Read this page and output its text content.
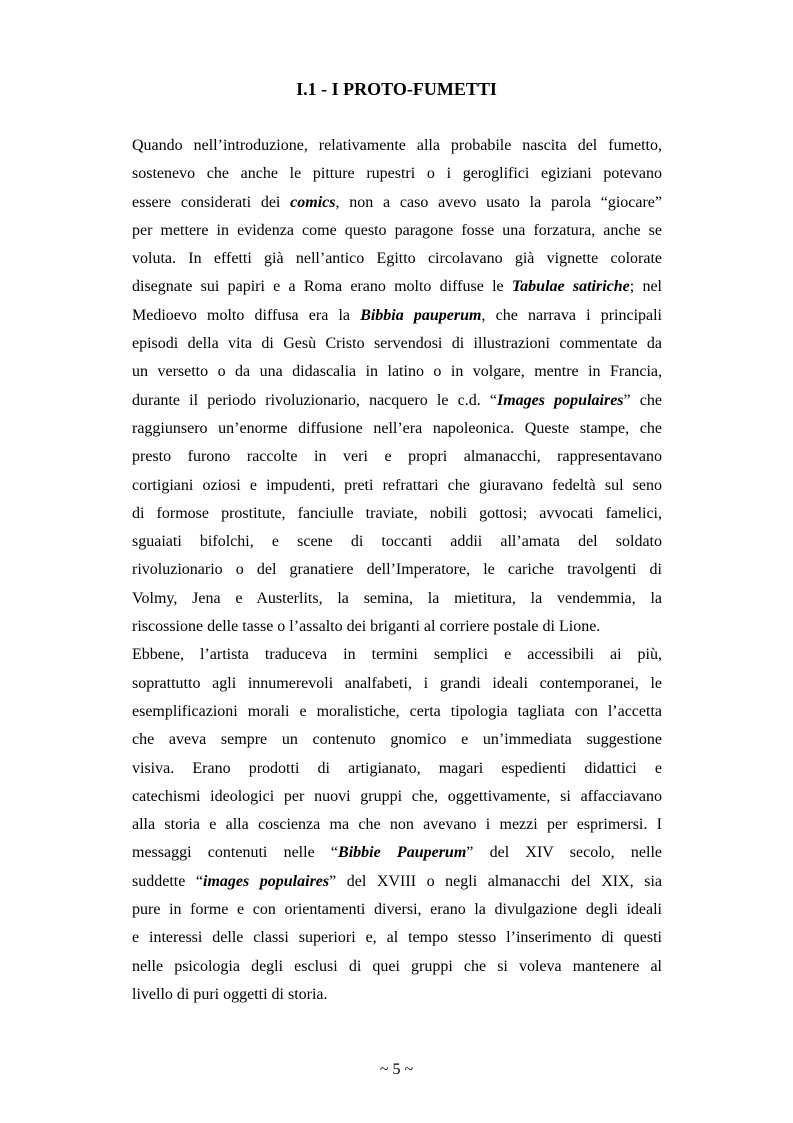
I.1 - I PROTO-FUMETTI
Quando nell’introduzione, relativamente alla probabile nascita del fumetto,
sostenevo che anche le pitture rupestri o i geroglifici egiziani potevano
essere considerati dei comics, non a caso avevo usato la parola “giocare”
per mettere in evidenza come questo paragone fosse una forzatura, anche se
voluta. In effetti già nell’antico Egitto circolavano già vignette colorate
disegnate sui papiri e a Roma erano molto diffuse le Tabulae satiriche; nel
Medioevo molto diffusa era la Bibbia pauperum, che narrava i principali
episodi della vita di Gesù Cristo servendosi di illustrazioni commentate da
un versetto o da una didascalia in latino o in volgare, mentre in Francia,
durante il periodo rivoluzionario, nacquero le c.d. “Images populaires” che
raggiunsero un’enorme diffusione nell’era napoleonica. Queste stampe, che
presto furono raccolte in veri e propri almanacchi, rappresentavano
cortigiani oziosi e impudenti, preti refrattari che giuravano fedeltà sul seno
di formose prostitute, fanciulle traviate, nobili gottosi; avvocati famelici,
sguaiati bifolchi, e scene di toccanti addii all’amata del soldato
rivoluzionario o del granatiere dell’Imperatore, le cariche travolgenti di
Volmy, Jena e Austerlits, la semina, la mietitura, la vendemmia, la
riscossione delle tasse o l’assalto dei briganti al corriere postale di Lione.
Ebbene, l’artista traduceva in termini semplici e accessibili ai più,
soprattutto agli innumerevoli analfabeti, i grandi ideali contemporanei, le
esemplificazioni morali e moralistiche, certa tipologia tagliata con l’accetta
che aveva sempre un contenuto gnomico e un’immediata suggestione
visiva. Erano prodotti di artigianato, magari espedienti didattici e
catechismi ideologici per nuovi gruppi che, oggettivamente, si affacciavano
alla storia e alla coscienza ma che non avevano i mezzi per esprimersi. I
messaggi contenuti nelle “Bibbie Pauperum” del XIV secolo, nelle
suddette “images populaires” del XVIII o negli almanacchi del XIX, sia
pure in forme e con orientamenti diversi, erano la divulgazione degli ideali
e interessi delle classi superiori e, al tempo stesso l’inserimento di questi
nelle psicologia degli esclusi di quei gruppi che si voleva mantenere al
livello di puri oggetti di storia.
~ 5 ~
